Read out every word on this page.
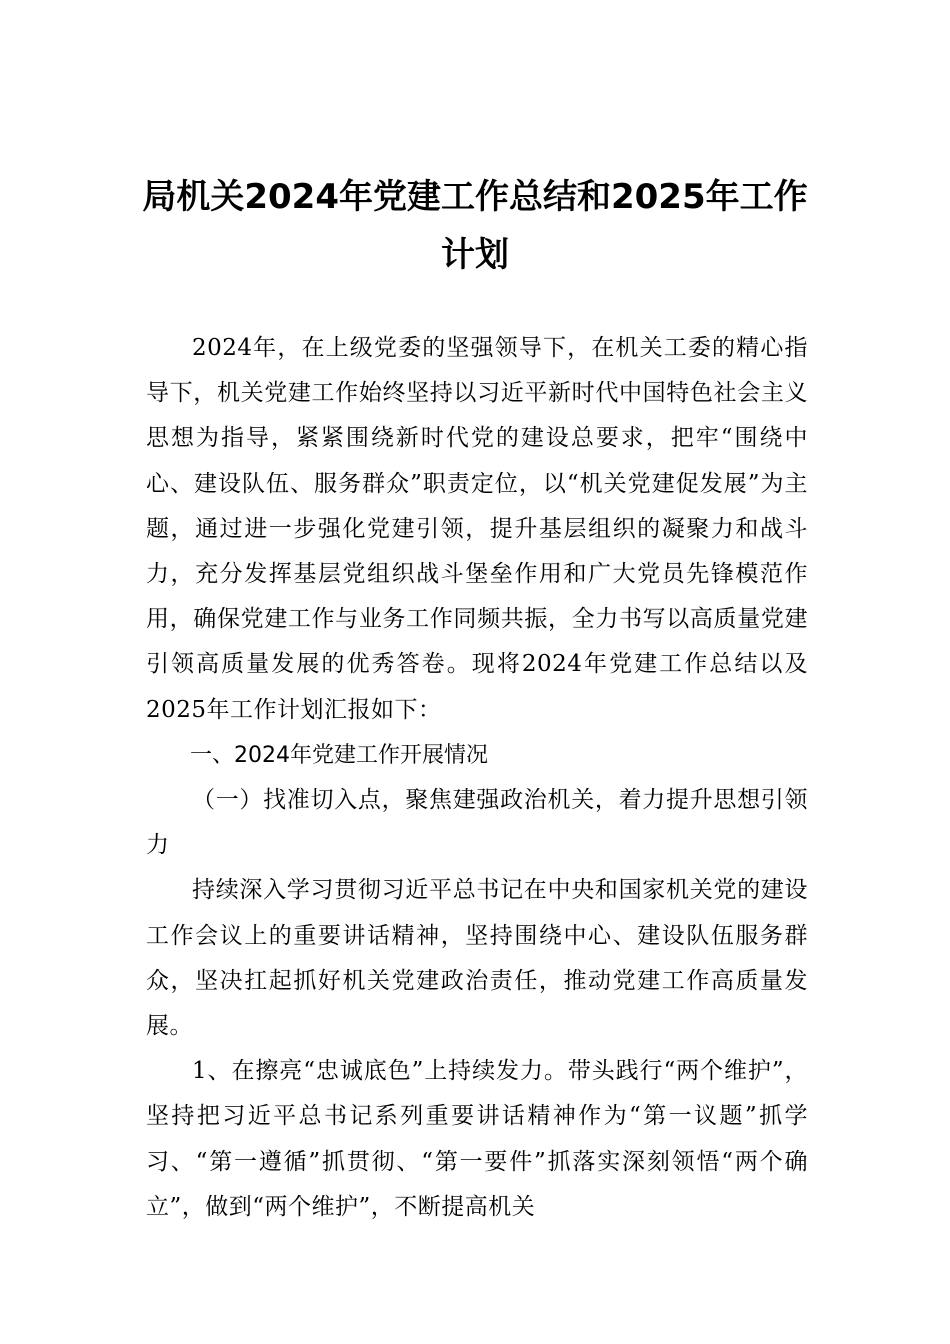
局机关2024年党建工作总结和2025年工作计划

2024年，在上级党委的坚强领导下，在机关工委的精心指导下，机关党建工作始终坚持以习近平新时代中国特色社会主义思想为指导，紧紧围绕新时代党的建设总要求，把牢“围绕中心、建设队伍、服务群众”职责定位，以“机关党建促发展”为主题，通过进一步强化党建引领，提升基层组织的凝聚力和战斗力，充分发挥基层党组织战斗堡垒作用和广大党员先锋模范作用，确保党建工作与业务工作同频共振，全力书写以高质量党建引领高质量发展的优秀答卷。现将2024年党建工作总结以及2025年工作计划汇报如下：

一、2024年党建工作开展情况

（一）找准切入点，聚焦建强政治机关，着力提升思想引领力

持续深入学习贯彻习近平总书记在中央和国家机关党的建设工作会议上的重要讲话精神，坚持围绕中心、建设队伍服务群众，坚决扛起抓好机关党建政治责任，推动党建工作高质量发展。

1、在擦亮“忠诚底色”上持续发力。带头践行“两个维护”，坚持把习近平总书记系列重要讲话精神作为“第一议题”抓学习、“第一遵循”抓贯彻、“第一要件”抓落实深刻领悟“两个确立”，做到“两个维护”，不断提高机关
